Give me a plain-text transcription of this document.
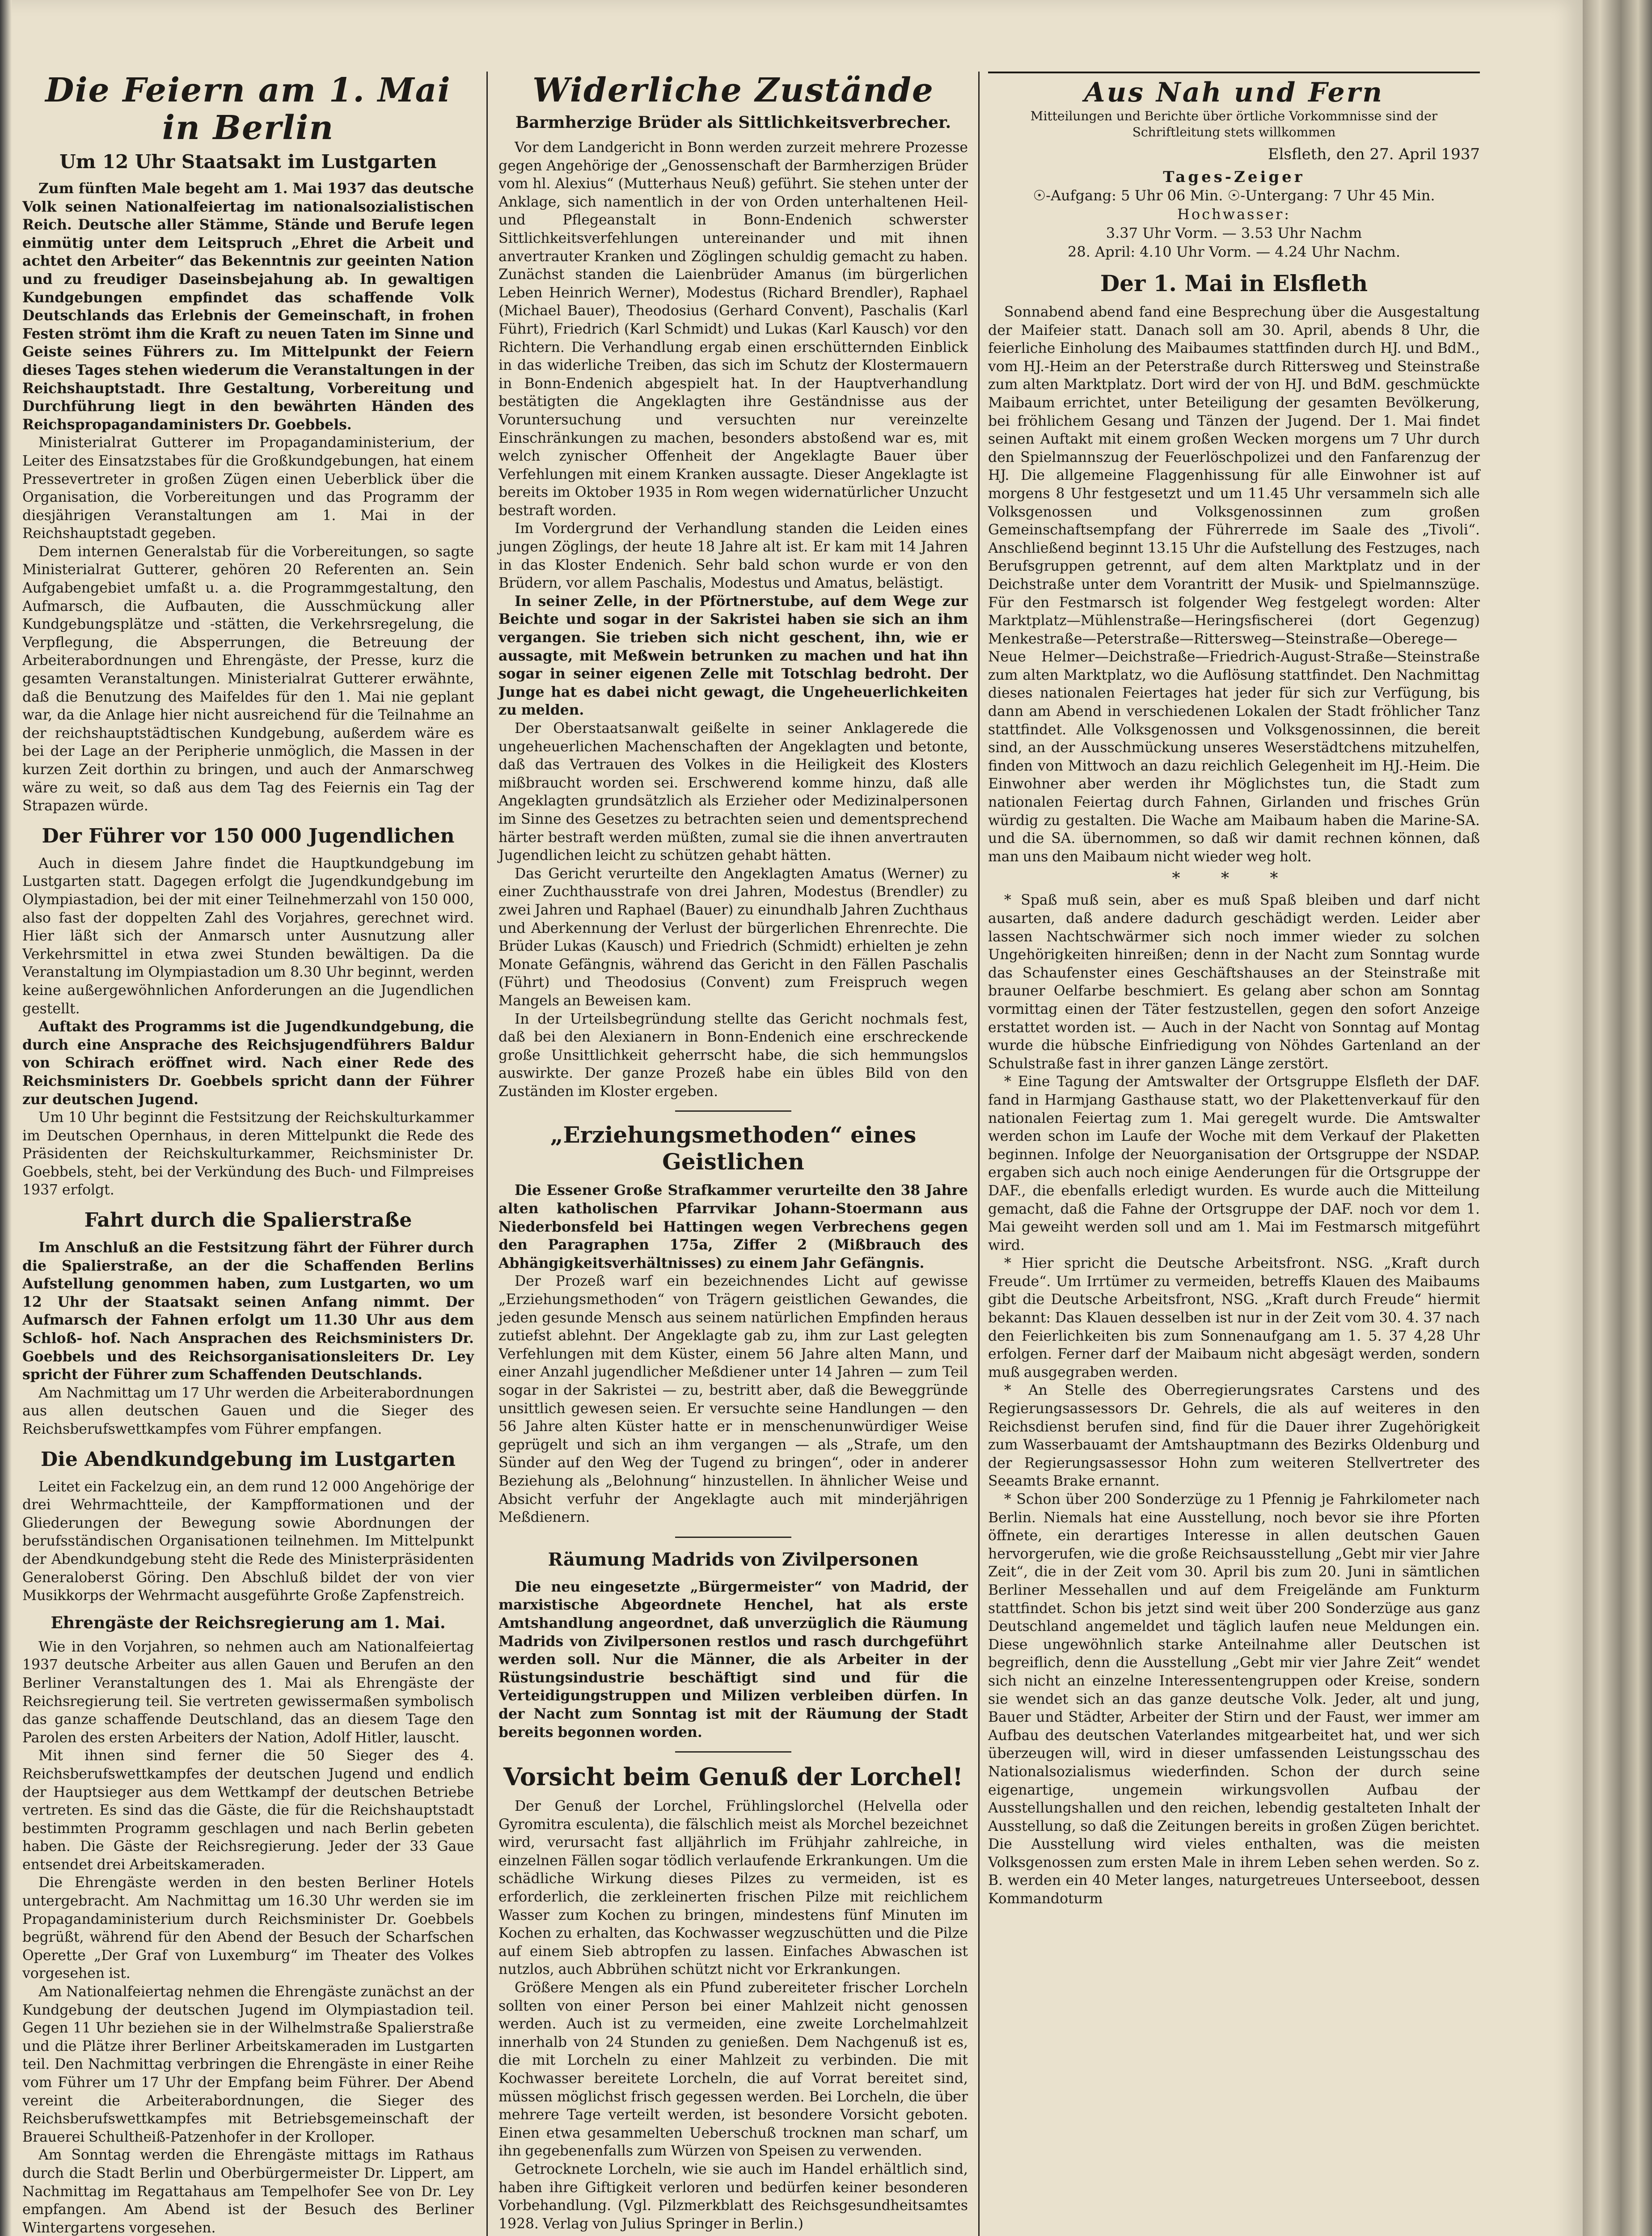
Die Feiern am 1. Mai in Berlin
Um 12 Uhr Staatsakt im Lustgarten

Zum fünften Male begeht am 1. Mai 1937 das deutsche Volk seinen Nationalfeiertag im nationalsozialistischen Reich. Deutsche aller Stämme, Stände und Berufe legen einmütig unter dem Leitspruch „Ehret die Arbeit und achtet den Arbeiter“ das Bekenntnis zur geeinten Nation und zu freudiger Daseinsbejahung ab. In gewaltigen Kundgebungen empfindet das schaffende Volk Deutschlands das Erlebnis der Gemeinschaft, in frohen Festen strömt ihm die Kraft zu neuen Taten im Sinne und Geiste seines Führers zu. Im Mittelpunkt der Feiern dieses Tages stehen wiederum die Veranstaltungen in der Reichshauptstadt. Ihre Gestaltung, Vorbereitung und Durchführung liegt in den bewährten Händen des Reichspropagandaministers Dr. Goebbels.

Ministerialrat Gutterer im Propagandaministerium, der Leiter des Einsatzstabes für die Großkundgebungen, hat einem Pressevertreter in großen Zügen einen Ueberblick über die Organisation, die Vorbereitungen und das Programm der diesjährigen Veranstaltungen am 1. Mai in der Reichshauptstadt gegeben.

Dem internen Generalstab für die Vorbereitungen, so sagte Ministerialrat Gutterer, gehören 20 Referenten an. Sein Aufgabengebiet umfaßt u. a. die Programmgestaltung, den Aufmarsch, die Aufbauten, die Ausschmückung aller Kundgebungsplätze und -stätten, die Verkehrsregelung, die Verpflegung, die Absperrungen, die Betreuung der Arbeiterabordnungen und Ehrengäste, der Presse, kurz die gesamten Veranstaltungen. Ministerialrat Gutterer erwähnte, daß die Benutzung des Maifeldes für den 1. Mai nie geplant war, da die Anlage hier nicht ausreichend für die Teilnahme an der reichshauptstädtischen Kundgebung, außerdem wäre es bei der Lage an der Peripherie unmöglich, die Massen in der kurzen Zeit dorthin zu bringen, und auch der Anmarschweg wäre zu weit, so daß aus dem Tag des Feiernis ein Tag der Strapazen würde.

Der Führer vor 150 000 Jugendlichen

Auch in diesem Jahre findet die Hauptkundgebung im Lustgarten statt. Dagegen erfolgt die Jugendkundgebung im Olympiastadion, bei der mit einer Teilnehmerzahl von 150 000, also fast der doppelten Zahl des Vorjahres, gerechnet wird. Hier läßt sich der Anmarsch unter Ausnutzung aller Verkehrsmittel in etwa zwei Stunden bewältigen. Da die Veranstaltung im Olympiastadion um 8.30 Uhr beginnt, werden keine außergewöhnlichen Anforderungen an die Jugendlichen gestellt.

Auftakt des Programms ist die Jugendkundgebung, die durch eine Ansprache des Reichsjugendführers Baldur von Schirach eröffnet wird. Nach einer Rede des Reichsministers Dr. Goebbels spricht dann der Führer zur deutschen Jugend.

Um 10 Uhr beginnt die Festsitzung der Reichskulturkammer im Deutschen Opernhaus, in deren Mittelpunkt die Rede des Präsidenten der Reichskulturkammer, Reichsminister Dr. Goebbels, steht, bei der Verkündung des Buch- und Filmpreises 1937 erfolgt.

Fahrt durch die Spalierstraße

Im Anschluß an die Festsitzung fährt der Führer durch die Spalierstraße, an der die Schaffenden Berlins Aufstellung genommen haben, zum Lustgarten, wo um 12 Uhr der Staatsakt seinen Anfang nimmt. Der Aufmarsch der Fahnen erfolgt um 11.30 Uhr aus dem Schloß- hof. Nach Ansprachen des Reichsministers Dr. Goebbels und des Reichsorganisationsleiters Dr. Ley spricht der Führer zum Schaffenden Deutschlands.

Am Nachmittag um 17 Uhr werden die Arbeiterabordnungen aus allen deutschen Gauen und die Sieger des Reichsberufswettkampfes vom Führer empfangen.

Die Abendkundgebung im Lustgarten

Leitet ein Fackelzug ein, an dem rund 12 000 Angehörige der drei Wehrmachtteile, der Kampfformationen und der Gliederungen der Bewegung sowie Abordnungen der berufsständischen Organisationen teilnehmen. Im Mittelpunkt der Abendkundgebung steht die Rede des Ministerpräsidenten Generaloberst Göring. Den Abschluß bildet der von vier Musikkorps der Wehrmacht ausgeführte Große Zapfenstreich.

Ehrengäste der Reichsregierung am 1. Mai.

Wie in den Vorjahren, so nehmen auch am Nationalfeiertag 1937 deutsche Arbeiter aus allen Gauen und Berufen an den Berliner Veranstaltungen des 1. Mai als Ehrengäste der Reichsregierung teil. Sie vertreten gewissermaßen symbolisch das ganze schaffende Deutschland, das an diesem Tage den Parolen des ersten Arbeiters der Nation, Adolf Hitler, lauscht.

Mit ihnen sind ferner die 50 Sieger des 4. Reichsberufswettkampfes der deutschen Jugend und endlich der Hauptsieger aus dem Wettkampf der deutschen Betriebe vertreten. Es sind das die Gäste, die für die Reichshauptstadt bestimmten Programm geschlagen und nach Berlin gebeten haben. Die Gäste der Reichsregierung. Jeder der 33 Gaue entsendet drei Arbeitskameraden.

Die Ehrengäste werden in den besten Berliner Hotels untergebracht. Am Nachmittag um 16.30 Uhr werden sie im Propagandaministerium durch Reichsminister Dr. Goebbels begrüßt, während für den Abend der Besuch der Scharfschen Operette „Der Graf von Luxemburg“ im Theater des Volkes vorgesehen ist.

Am Nationalfeiertag nehmen die Ehrengäste zunächst an der Kundgebung der deutschen Jugend im Olympiastadion teil. Gegen 11 Uhr beziehen sie in der Wilhelmstraße Spalierstraße und die Plätze ihrer Berliner Arbeitskameraden im Lustgarten teil. Den Nachmittag verbringen die Ehrengäste in einer Reihe vom Führer um 17 Uhr der Empfang beim Führer. Der Abend vereint die Arbeiterabordnungen, die Sieger des Reichsberufswettkampfes mit Betriebsgemeinschaft der Brauerei Schultheiß-Patzenhofer in der Krolloper.

Am Sonntag werden die Ehrengäste mittags im Rathaus durch die Stadt Berlin und Oberbürgermeister Dr. Lippert, am Nachmittag im Regattahaus am Tempelhofer See von Dr. Ley empfangen. Am Abend ist der Besuch des Berliner Wintergartens vorgesehen.

Widerliche Zustände
Barmherzige Brüder als Sittlichkeitsverbrecher.

Vor dem Landgericht in Bonn werden zurzeit mehrere Prozesse gegen Angehörige der „Genossenschaft der Barmherzigen Brüder vom hl. Alexius“ (Mutterhaus Neuß) geführt. Sie stehen unter der Anklage, sich namentlich in der von Orden unterhaltenen Heil- und Pflegeanstalt in Bonn-Endenich schwerster Sittlichkeitsverfehlungen untereinander und mit ihnen anvertrauter Kranken und Zöglingen schuldig gemacht zu haben. Zunächst standen die Laienbrüder Amanus (im bürgerlichen Leben Heinrich Werner), Modestus (Richard Brendler), Raphael (Michael Bauer), Theodosius (Gerhard Convent), Paschalis (Karl Führt), Friedrich (Karl Schmidt) und Lukas (Karl Kausch) vor den Richtern. Die Verhandlung ergab einen erschütternden Einblick in das widerliche Treiben, das sich im Schutz der Klostermauern in Bonn-Endenich abgespielt hat. In der Hauptverhandlung bestätigten die Angeklagten ihre Geständnisse aus der Voruntersuchung und versuchten nur vereinzelte Einschränkungen zu machen, besonders abstoßend war es, mit welch zynischer Offenheit der Angeklagte Bauer über Verfehlungen mit einem Kranken aussagte. Dieser Angeklagte ist bereits im Oktober 1935 in Rom wegen widernatürlicher Unzucht bestraft worden.

Im Vordergrund der Verhandlung standen die Leiden eines jungen Zöglings, der heute 18 Jahre alt ist. Er kam mit 14 Jahren in das Kloster Endenich. Sehr bald schon wurde er von den Brüdern, vor allem Paschalis, Modestus und Amatus, belästigt.

In seiner Zelle, in der Pförtnerstube, auf dem Wege zur Beichte und sogar in der Sakristei haben sie sich an ihm vergangen. Sie trieben sich nicht geschent, ihn, wie er aussagte, mit Meßwein betrunken zu machen und hat ihn sogar in seiner eigenen Zelle mit Totschlag bedroht. Der Junge hat es dabei nicht gewagt, die Ungeheuerlichkeiten zu melden.

Der Oberstaatsanwalt geißelte in seiner Anklagerede die ungeheuerlichen Machenschaften der Angeklagten und betonte, daß das Vertrauen des Volkes in die Heiligkeit des Klosters mißbraucht worden sei. Erschwerend komme hinzu, daß alle Angeklagten grundsätzlich als Erzieher oder Medizinalpersonen im Sinne des Gesetzes zu betrachten seien und dementsprechend härter bestraft werden müßten, zumal sie die ihnen anvertrauten Jugendlichen leicht zu schützen gehabt hätten.

Das Gericht verurteilte den Angeklagten Amatus (Werner) zu einer Zuchthausstrafe von drei Jahren, Modestus (Brendler) zu zwei Jahren und Raphael (Bauer) zu einundhalb Jahren Zuchthaus und Aberkennung der Verlust der bürgerlichen Ehrenrechte. Die Brüder Lukas (Kausch) und Friedrich (Schmidt) erhielten je zehn Monate Gefängnis, während das Gericht in den Fällen Paschalis (Führt) und Theodosius (Convent) zum Freispruch wegen Mangels an Beweisen kam.

In der Urteilsbegründung stellte das Gericht nochmals fest, daß bei den Alexianern in Bonn-Endenich eine erschreckende große Unsittlichkeit geherrscht habe, die sich hemmungslos auswirkte. Der ganze Prozeß habe ein übles Bild von den Zuständen im Kloster ergeben.

„Erziehungsmethoden“ eines Geistlichen

Die Essener Große Strafkammer verurteilte den 38 Jahre alten katholischen Pfarrvikar Johann-Stoermann aus Niederbonsfeld bei Hattingen wegen Verbrechens gegen den Paragraphen 175a, Ziffer 2 (Mißbrauch des Abhängigkeitsverhältnisses) zu einem Jahr Gefängnis.

Der Prozeß warf ein bezeichnendes Licht auf gewisse „Erziehungsmethoden“ von Trägern geistlichen Gewandes, die jeden gesunde Mensch aus seinem natürlichen Empfinden heraus zutiefst ablehnt. Der Angeklagte gab zu, ihm zur Last gelegten Verfehlungen mit dem Küster, einem 56 Jahre alten Mann, und einer Anzahl jugendlicher Meßdiener unter 14 Jahren — zum Teil sogar in der Sakristei — zu, bestritt aber, daß die Beweggründe unsittlich gewesen seien. Er versuchte seine Handlungen — den 56 Jahre alten Küster hatte er in menschenunwürdiger Weise geprügelt und sich an ihm vergangen — als „Strafe, um den Sünder auf den Weg der Tugend zu bringen“, oder in anderer Beziehung als „Belohnung“ hinzustellen. In ähnlicher Weise und Absicht verfuhr der Angeklagte auch mit minderjährigen Meßdienern.

Räumung Madrids von Zivilpersonen

Die neu eingesetzte „Bürgermeister“ von Madrid, der marxistische Abgeordnete Henchel, hat als erste Amtshandlung angeordnet, daß unverzüglich die Räumung Madrids von Zivilpersonen restlos und rasch durchgeführt werden soll. Nur die Männer, die als Arbeiter in der Rüstungsindustrie beschäftigt sind und für die Verteidigungstruppen und Milizen verbleiben dürfen. In der Nacht zum Sonntag ist mit der Räumung der Stadt bereits begonnen worden.

Vorsicht beim Genuß der Lorchel!

Der Genuß der Lorchel, Frühlingslorchel (Helvella oder Gyromitra esculenta), die fälschlich meist als Morchel bezeichnet wird, verursacht fast alljährlich im Frühjahr zahlreiche, in einzelnen Fällen sogar tödlich verlaufende Erkrankungen. Um die schädliche Wirkung dieses Pilzes zu vermeiden, ist es erforderlich, die zerkleinerten frischen Pilze mit reichlichem Wasser zum Kochen zu bringen, mindestens fünf Minuten im Kochen zu erhalten, das Kochwasser wegzuschütten und die Pilze auf einem Sieb abtropfen zu lassen. Einfaches Abwaschen ist nutzlos, auch Abbrühen schützt nicht vor Erkrankungen.

Größere Mengen als ein Pfund zubereiteter frischer Lorcheln sollten von einer Person bei einer Mahlzeit nicht genossen werden. Auch ist zu vermeiden, eine zweite Lorchelmahlzeit innerhalb von 24 Stunden zu genießen. Dem Nachgenuß ist es, die mit Lorcheln zu einer Mahlzeit zu verbinden. Die mit Kochwasser bereitete Lorcheln, die auf Vorrat bereitet sind, müssen möglichst frisch gegessen werden. Bei Lorcheln, die über mehrere Tage verteilt werden, ist besondere Vorsicht geboten. Einen etwa gesammelten Ueberschuß trocknen man scharf, um ihn gegebenenfalls zum Würzen von Speisen zu verwenden.

Getrocknete Lorcheln, wie sie auch im Handel erhältlich sind, haben ihre Giftigkeit verloren und bedürfen keiner besonderen Vorbehandlung. (Vgl. Pilzmerkblatt des Reichsgesundheitsamtes 1928. Verlag von Julius Springer in Berlin.)

Aus Nah und Fern
Mitteilungen und Berichte über örtliche Vorkommnisse sind der Schriftleitung stets willkommen
Elsfleth, den 27. April 1937
Tages-Zeiger
☉-Aufgang: 5 Uhr 06 Min. ☉-Untergang: 7 Uhr 45 Min.
Hochwasser:
3.37 Uhr Vorm. — 3.53 Uhr Nachm
28. April: 4.10 Uhr Vorm. — 4.24 Uhr Nachm.
Der 1. Mai in Elsfleth

Sonnabend abend fand eine Besprechung über die Ausgestaltung der Maifeier statt. Danach soll am 30. April, abends 8 Uhr, die feierliche Einholung des Maibaumes stattfinden durch HJ. und BdM., vom HJ.-Heim an der Peterstraße durch Rittersweg und Steinstraße zum alten Marktplatz. Dort wird der von HJ. und BdM. geschmückte Maibaum errichtet, unter Beteiligung der gesamten Bevölkerung, bei fröhlichem Gesang und Tänzen der Jugend. Der 1. Mai findet seinen Auftakt mit einem großen Wecken morgens um 7 Uhr durch den Spielmannszug der Feuerlöschpolizei und den Fanfarenzug der HJ. Die allgemeine Flaggenhissung für alle Einwohner ist auf morgens 8 Uhr festgesetzt und um 11.45 Uhr versammeln sich alle Volksgenossen und Volksgenossinnen zum großen Gemeinschaftsempfang der Führerrede im Saale des „Tivoli“. Anschließend beginnt 13.15 Uhr die Aufstellung des Festzuges, nach Berufsgruppen getrennt, auf dem alten Marktplatz und in der Deichstraße unter dem Vorantritt der Musik- und Spielmannszüge. Für den Festmarsch ist folgender Weg festgelegt worden: Alter Marktplatz—Mühlenstraße—Heringsfischerei (dort Gegenzug) Menkestraße—Peterstraße—Rittersweg—Steinstraße—Oberege—Neue Helmer—Deichstraße—Friedrich-August-Straße—Steinstraße zum alten Marktplatz, wo die Auflösung stattfindet. Den Nachmittag dieses nationalen Feiertages hat jeder für sich zur Verfügung, bis dann am Abend in verschiedenen Lokalen der Stadt fröhlicher Tanz stattfindet. Alle Volksgenossen und Volksgenossinnen, die bereit sind, an der Ausschmückung unseres Weserstädtchens mitzuhelfen, finden von Mittwoch an dazu reichlich Gelegenheit im HJ.-Heim. Die Einwohner aber werden ihr Möglichstes tun, die Stadt zum nationalen Feiertag durch Fahnen, Girlanden und frisches Grün würdig zu gestalten. Die Wache am Maibaum haben die Marine-SA. und die SA. übernommen, so daß wir damit rechnen können, daß man uns den Maibaum nicht wieder weg holt.

* * *

* Spaß muß sein, aber es muß Spaß bleiben und darf nicht ausarten, daß andere dadurch geschädigt werden. Leider aber lassen Nachtschwärmer sich noch immer wieder zu solchen Ungehörigkeiten hinreißen; denn in der Nacht zum Sonntag wurde das Schaufenster eines Geschäftshauses an der Steinstraße mit brauner Oelfarbe beschmiert. Es gelang aber schon am Sonntag vormittag einen der Täter festzustellen, gegen den sofort Anzeige erstattet worden ist. — Auch in der Nacht von Sonntag auf Montag wurde die hübsche Einfriedigung von Nöhdes Gartenland an der Schulstraße fast in ihrer ganzen Länge zerstört.

* Eine Tagung der Amtswalter der Ortsgruppe Elsfleth der DAF. fand in Harmjang Gasthause statt, wo der Plakettenverkauf für den nationalen Feiertag zum 1. Mai geregelt wurde. Die Amtswalter werden schon im Laufe der Woche mit dem Verkauf der Plaketten beginnen. Infolge der Neuorganisation der Ortsgruppe der NSDAP. ergaben sich auch noch einige Aenderungen für die Ortsgruppe der DAF., die ebenfalls erledigt wurden. Es wurde auch die Mitteilung gemacht, daß die Fahne der Ortsgruppe der DAF. noch vor dem 1. Mai geweiht werden soll und am 1. Mai im Festmarsch mitgeführt wird.

* Hier spricht die Deutsche Arbeitsfront. NSG. „Kraft durch Freude“. Um Irrtümer zu vermeiden, betreffs Klauen des Maibaums gibt die Deutsche Arbeitsfront, NSG. „Kraft durch Freude“ hiermit bekannt: Das Klauen desselben ist nur in der Zeit vom 30. 4. 37 nach den Feierlichkeiten bis zum Sonnenaufgang am 1. 5. 37 4,28 Uhr erfolgen. Ferner darf der Maibaum nicht abgesägt werden, sondern muß ausgegraben werden.

* An Stelle des Oberregierungsrates Carstens und des Regierungsassessors Dr. Gehrels, die als auf weiteres in den Reichsdienst berufen sind, find für die Dauer ihrer Zugehörigkeit zum Wasserbauamt der Amtshauptmann des Bezirks Oldenburg und der Regierungsassessor Hohn zum weiteren Stellvertreter des Seeamts Brake ernannt.

* Schon über 200 Sonderzüge zu 1 Pfennig je Fahrkilometer nach Berlin. Niemals hat eine Ausstellung, noch bevor sie ihre Pforten öffnete, ein derartiges Interesse in allen deutschen Gauen hervorgerufen, wie die große Reichsausstellung „Gebt mir vier Jahre Zeit“, die in der Zeit vom 30. April bis zum 20. Juni in sämtlichen Berliner Messehallen und auf dem Freigelände am Funkturm stattfindet. Schon bis jetzt sind weit über 200 Sonderzüge aus ganz Deutschland angemeldet und täglich laufen neue Meldungen ein. Diese ungewöhnlich starke Anteilnahme aller Deutschen ist begreiflich, denn die Ausstellung „Gebt mir vier Jahre Zeit“ wendet sich nicht an einzelne Interessentengruppen oder Kreise, sondern sie wendet sich an das ganze deutsche Volk. Jeder, alt und jung, Bauer und Städter, Arbeiter der Stirn und der Faust, wer immer am Aufbau des deutschen Vaterlandes mitgearbeitet hat, und wer sich überzeugen will, wird in dieser umfassenden Leistungsschau des Nationalsozialismus wiederfinden. Schon der durch seine eigenartige, ungemein wirkungsvollen Aufbau der Ausstellungshallen und den reichen, lebendig gestalteten Inhalt der Ausstellung, so daß die Zeitungen bereits in großen Zügen berichtet. Die Ausstellung wird vieles enthalten, was die meisten Volksgenossen zum ersten Male in ihrem Leben sehen werden. So z. B. werden ein 40 Meter langes, naturgetreues Unterseeboot, dessen Kommandoturm
